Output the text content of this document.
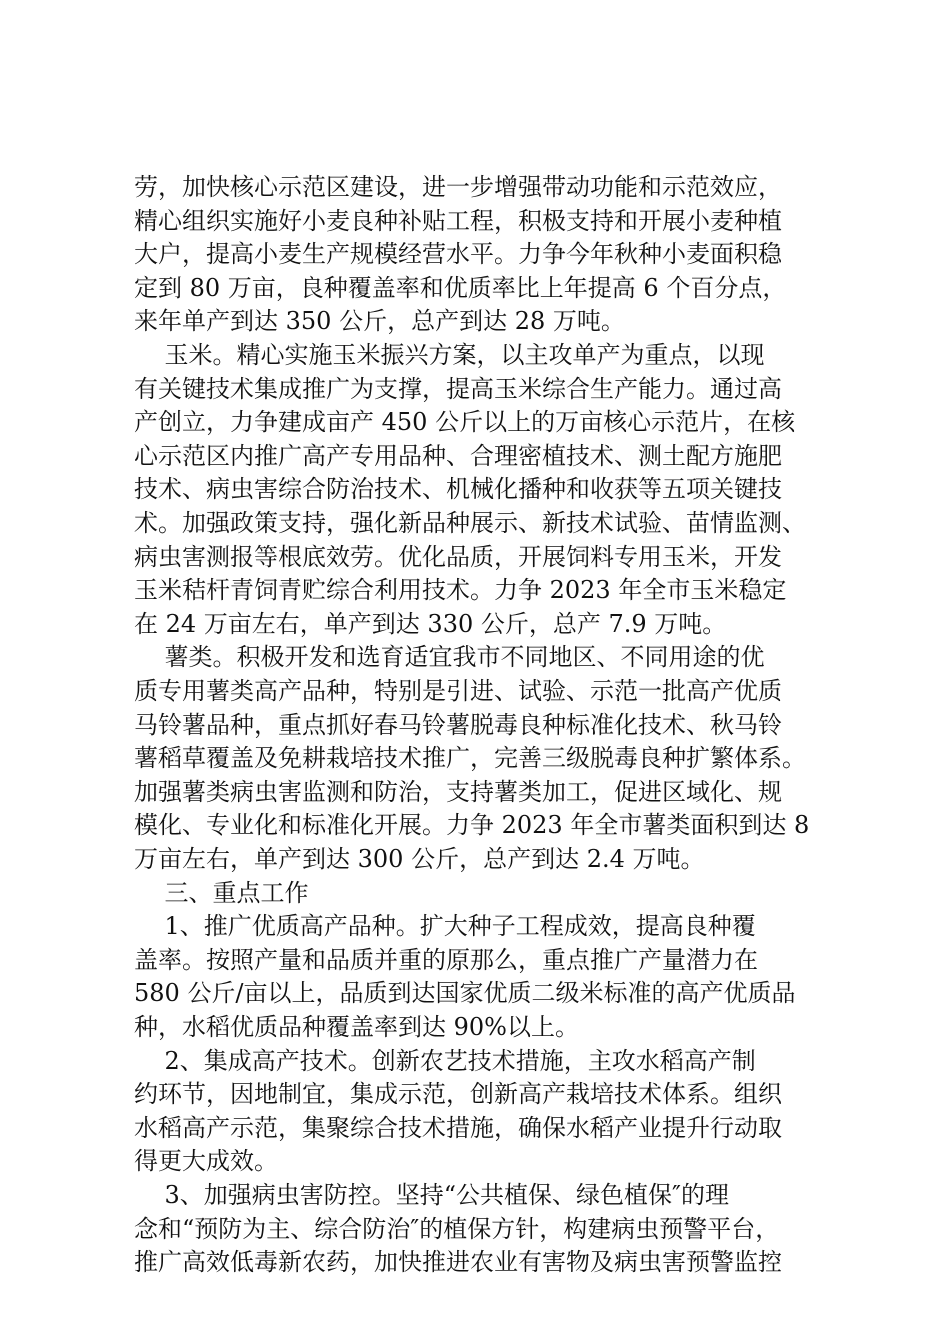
劳，加快核心示范区建设，进一步增强带动功能和示范效应，
精心组织实施好小麦良种补贴工程，积极支持和开展小麦种植
大户，提高小麦生产规模经营水平。力争今年秋种小麦面积稳
定到 80 万亩，良种覆盖率和优质率比上年提高 6 个百分点，
来年单产到达 350 公斤，总产到达 28 万吨。
玉米。精心实施玉米振兴方案，以主攻单产为重点，以现
有关键技术集成推广为支撑，提高玉米综合生产能力。通过高
产创立，力争建成亩产 450 公斤以上的万亩核心示范片，在核
心示范区内推广高产专用品种、合理密植技术、测土配方施肥
技术、病虫害综合防治技术、机械化播种和收获等五项关键技
术。加强政策支持，强化新品种展示、新技术试验、苗情监测、
病虫害测报等根底效劳。优化品质，开展饲料专用玉米，开发
玉米秸杆青饲青贮综合利用技术。力争 2023 年全市玉米稳定
在 24 万亩左右，单产到达 330 公斤，总产 7.9 万吨。
薯类。积极开发和选育适宜我市不同地区、不同用途的优
质专用薯类高产品种，特别是引进、试验、示范一批高产优质
马铃薯品种，重点抓好春马铃薯脱毒良种标准化技术、秋马铃
薯稻草覆盖及免耕栽培技术推广，完善三级脱毒良种扩繁体系。
加强薯类病虫害监测和防治，支持薯类加工，促进区域化、规
模化、专业化和标准化开展。力争 2023 年全市薯类面积到达 8
万亩左右，单产到达 300 公斤，总产到达 2.4 万吨。
三、重点工作
1、推广优质高产品种。扩大种子工程成效，提高良种覆
盖率。按照产量和品质并重的原那么，重点推广产量潜力在
580 公斤/亩以上，品质到达国家优质二级米标准的高产优质品
种，水稻优质品种覆盖率到达 90%以上。
2、集成高产技术。创新农艺技术措施，主攻水稻高产制
约环节，因地制宜，集成示范，创新高产栽培技术体系。组织
水稻高产示范，集聚综合技术措施，确保水稻产业提升行动取
得更大成效。
3、加强病虫害防控。坚持“公共植保、绿色植保″的理
念和“预防为主、综合防治″的植保方针，构建病虫预警平台，
推广高效低毒新农药，加快推进农业有害物及病虫害预警监控
